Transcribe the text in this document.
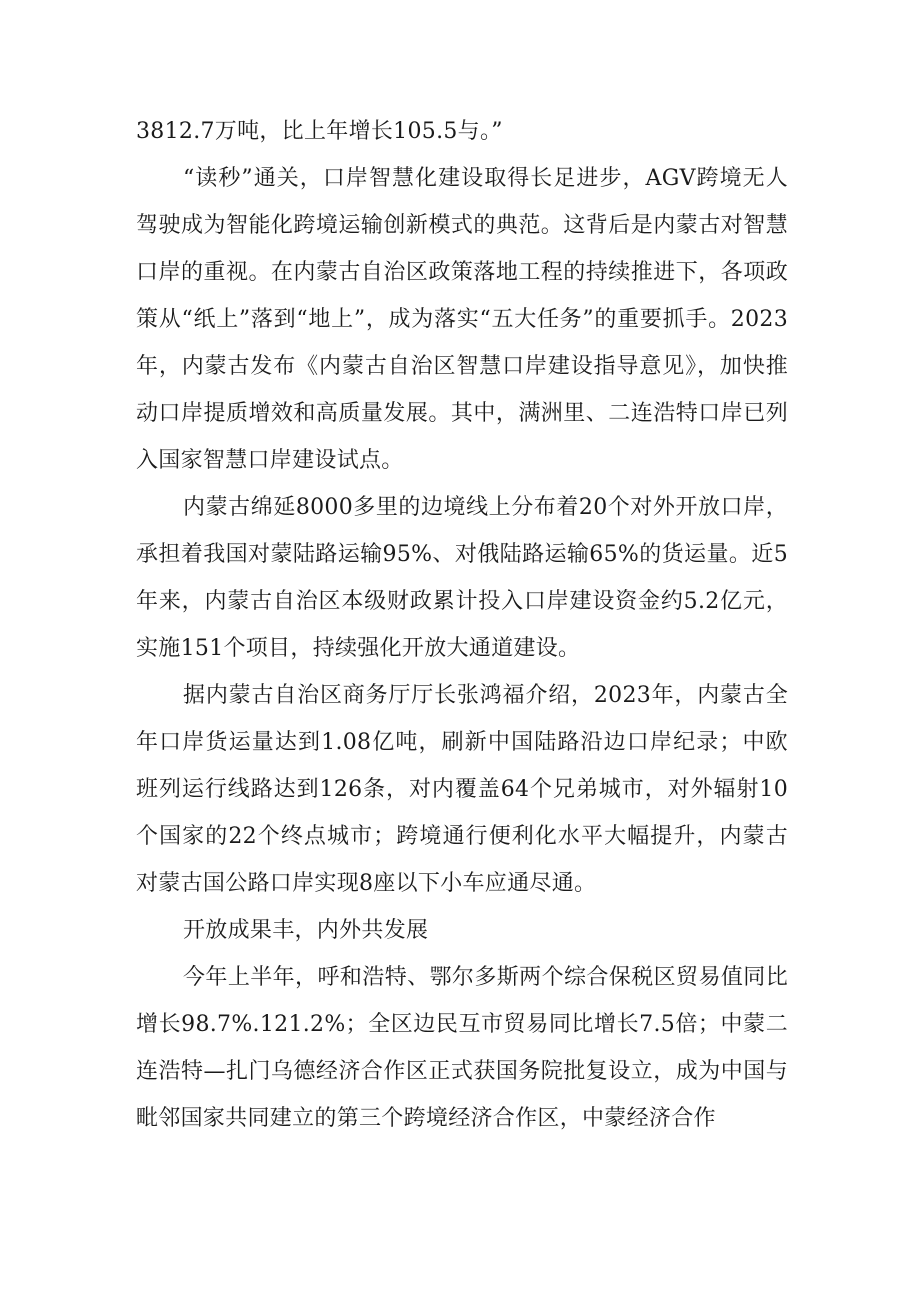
3812.7万吨，比上年增长105.5与。”

“读秒”通关，口岸智慧化建设取得长足进步，AGV跨境无人驾驶成为智能化跨境运输创新模式的典范。这背后是内蒙古对智慧口岸的重视。在内蒙古自治区政策落地工程的持续推进下，各项政策从“纸上”落到“地上”，成为落实“五大任务”的重要抓手。2023年，内蒙古发布《内蒙古自治区智慧口岸建设指导意见》，加快推动口岸提质增效和高质量发展。其中，满洲里、二连浩特口岸已列入国家智慧口岸建设试点。

内蒙古绵延8000多里的边境线上分布着20个对外开放口岸，承担着我国对蒙陆路运输95%、对俄陆路运输65%的货运量。近5年来，内蒙古自治区本级财政累计投入口岸建设资金约5.2亿元，实施151个项目，持续强化开放大通道建设。

据内蒙古自治区商务厅厅长张鸿福介绍，2023年，内蒙古全年口岸货运量达到1.08亿吨，刷新中国陆路沿边口岸纪录；中欧班列运行线路达到126条，对内覆盖64个兄弟城市，对外辐射10个国家的22个终点城市；跨境通行便利化水平大幅提升，内蒙古对蒙古国公路口岸实现8座以下小车应通尽通。

开放成果丰，内外共发展

今年上半年，呼和浩特、鄂尔多斯两个综合保税区贸易值同比增长98.7%.121.2%；全区边民互市贸易同比增长7.5倍；中蒙二连浩特—扎门乌德经济合作区正式获国务院批复设立，成为中国与毗邻国家共同建立的第三个跨境经济合作区，中蒙经济合作
